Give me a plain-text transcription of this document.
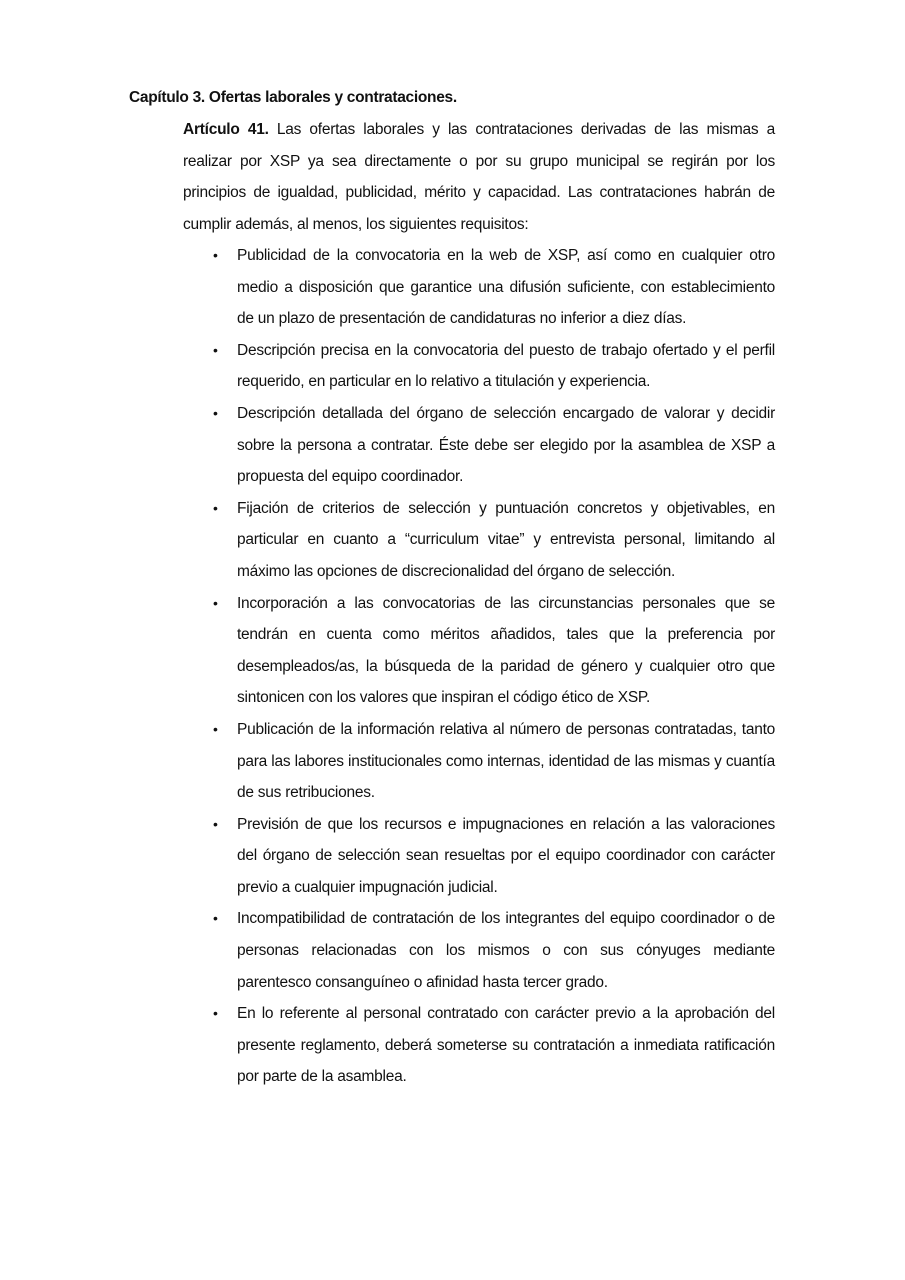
Capítulo 3. Ofertas laborales y contrataciones.

Artículo 41. Las ofertas laborales y las contrataciones derivadas de las mismas a realizar por XSP ya sea directamente o por su grupo municipal se regirán por los principios de igualdad, publicidad, mérito y capacidad. Las contrataciones habrán de cumplir además, al menos, los siguientes requisitos:

• Publicidad de la convocatoria en la web de XSP, así como en cualquier otro medio a disposición que garantice una difusión suficiente, con establecimiento de un plazo de presentación de candidaturas no inferior a diez días.
• Descripción precisa en la convocatoria del puesto de trabajo ofertado y el perfil requerido, en particular en lo relativo a titulación y experiencia.
• Descripción detallada del órgano de selección encargado de valorar y decidir sobre la persona a contratar. Éste debe ser elegido por la asamblea de XSP a propuesta del equipo coordinador.
• Fijación de criterios de selección y puntuación concretos y objetivables, en particular en cuanto a “curriculum vitae” y entrevista personal, limitando al máximo las opciones de discrecionalidad del órgano de selección.
• Incorporación a las convocatorias de las circunstancias personales que se tendrán en cuenta como méritos añadidos, tales que la preferencia por desempleados/as, la búsqueda de la paridad de género y cualquier otro que sintonicen con los valores que inspiran el código ético de XSP.
• Publicación de la información relativa al número de personas contratadas, tanto para las labores institucionales como internas, identidad de las mismas y cuantía de sus retribuciones.
• Previsión de que los recursos e impugnaciones en relación a las valoraciones del órgano de selección sean resueltas por el equipo coordinador con carácter previo a cualquier impugnación judicial.
• Incompatibilidad de contratación de los integrantes del equipo coordinador o de personas relacionadas con los mismos o con sus cónyuges mediante parentesco consanguíneo o afinidad hasta tercer grado.
• En lo referente al personal contratado con carácter previo a la aprobación del presente reglamento, deberá someterse su contratación a inmediata ratificación por parte de la asamblea.
